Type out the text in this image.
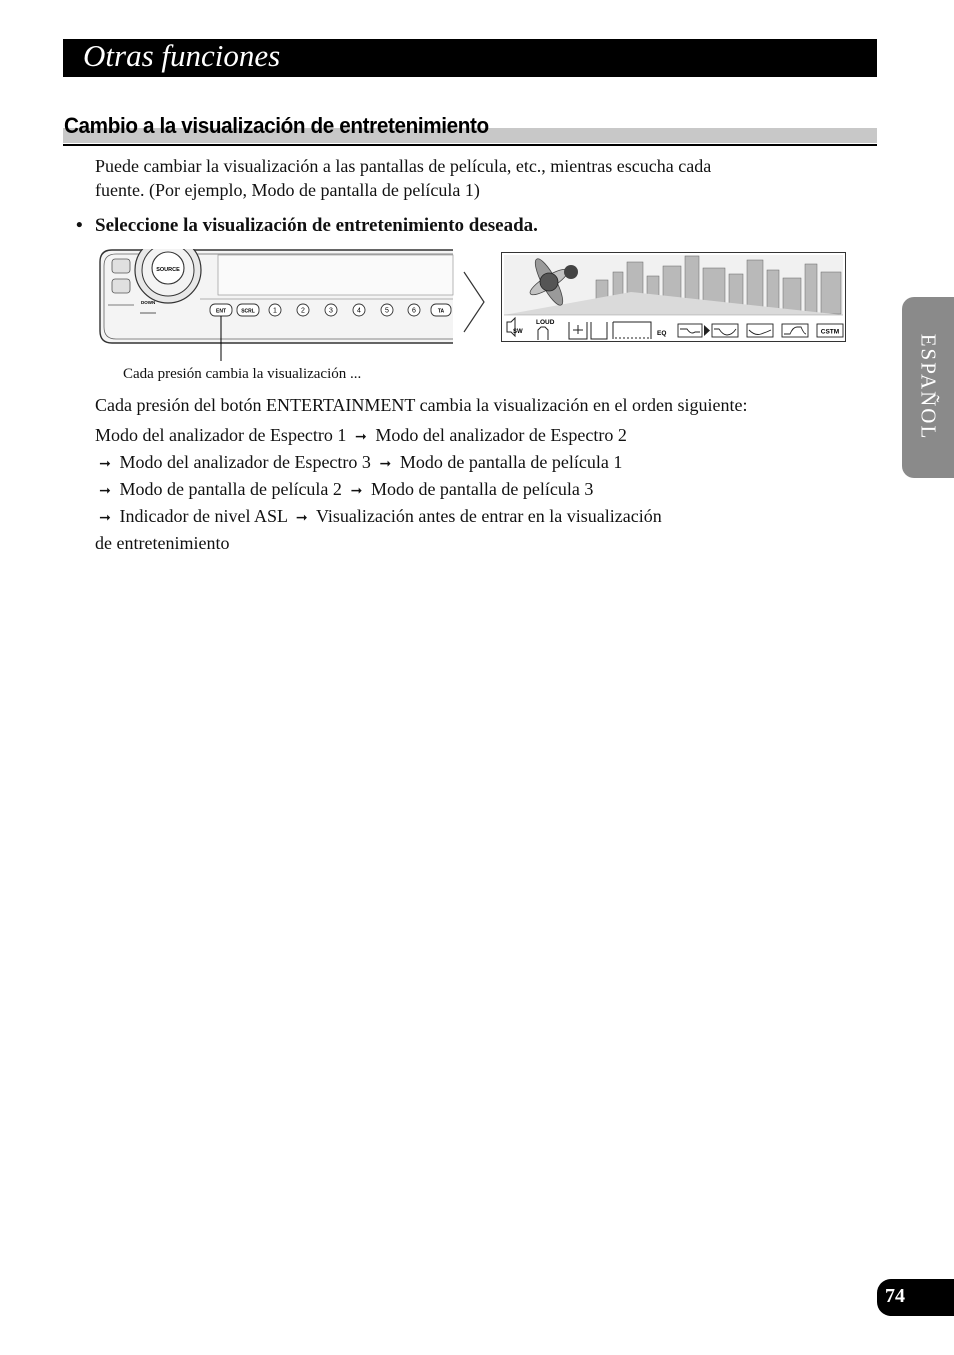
Otras funciones
Cambio a la visualización de entretenimiento
Puede cambiar la visualización a las pantallas de película, etc., mientras escucha cada
fuente. (Por ejemplo, Modo de pantalla de película 1)
• Seleccione la visualización de entretenimiento deseada.
SOURCE
DOWN
ENT	SCRL	1	2	3	4	5	6	TA
SW
LOUD
EQ	CSTM
Cada presión cambia la visualización ...
Cada presión del botón ENTERTAINMENT cambia la visualización en el orden siguiente:
Modo del analizador de Espectro 1 ➞ Modo del analizador de Espectro 2
➞ Modo del analizador de Espectro 3 ➞ Modo de pantalla de película 1
➞ Modo de pantalla de película 2 ➞ Modo de pantalla de película 3
➞ Indicador de nivel ASL ➞ Visualización antes de entrar en la visualización
de entretenimiento
ESPAÑOL
74
